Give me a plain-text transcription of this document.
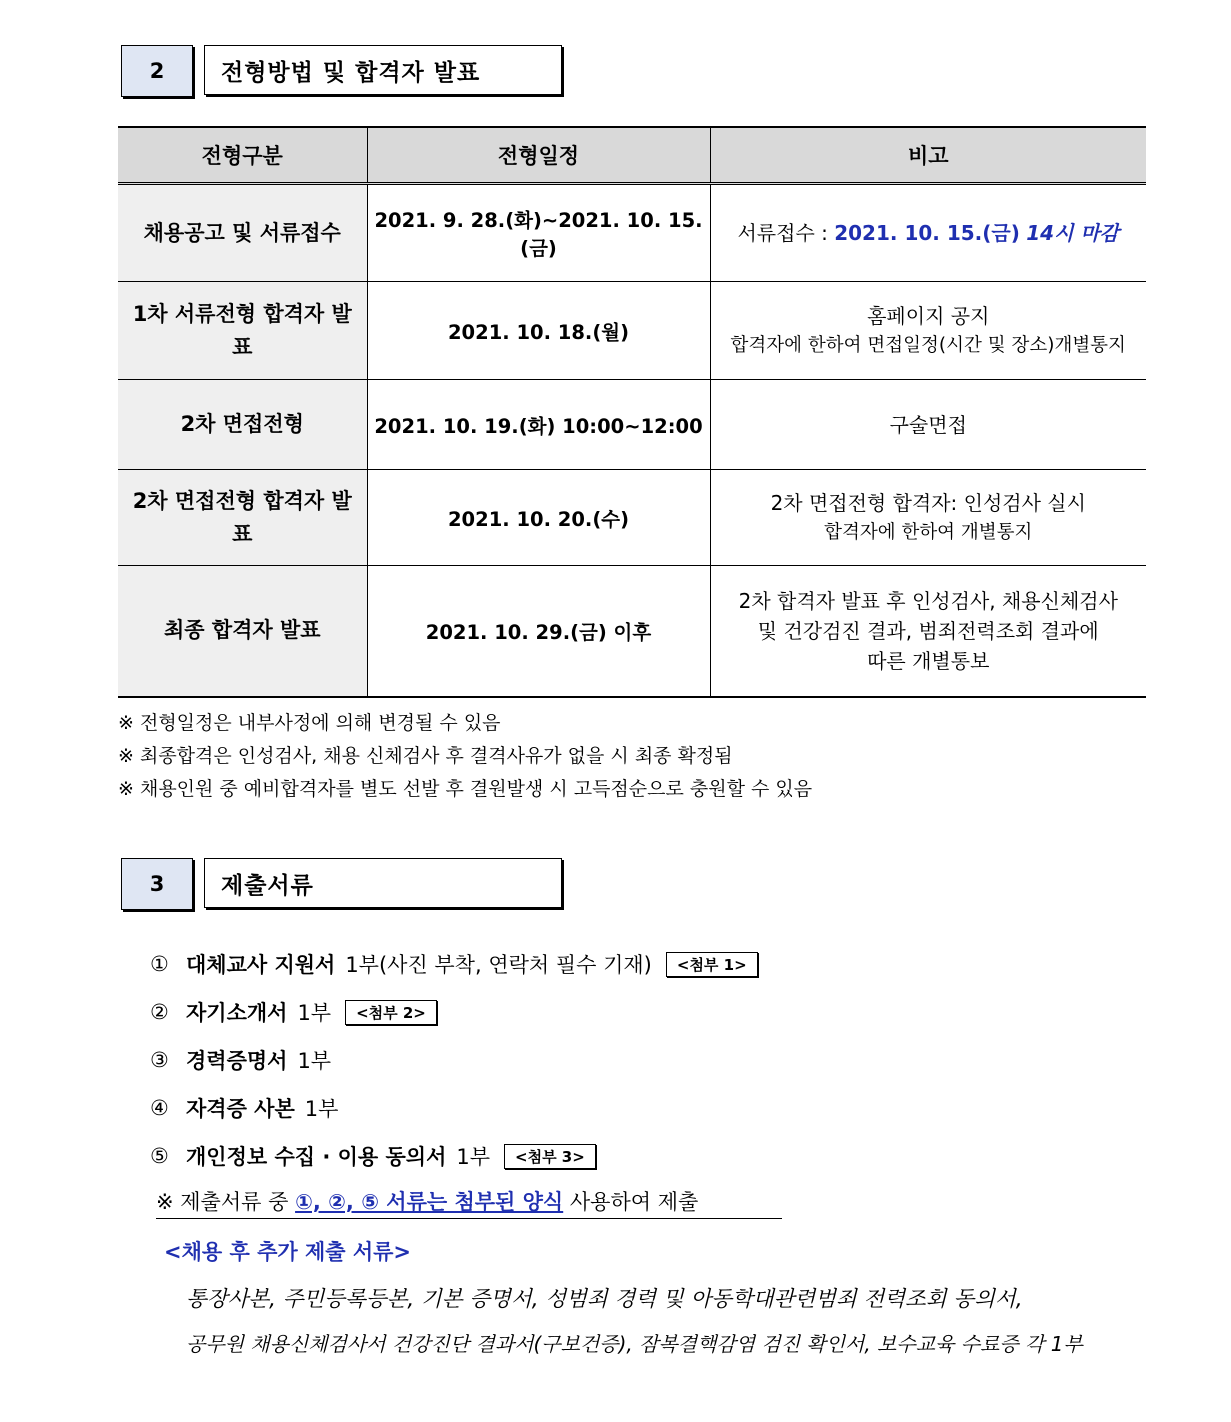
2	전형방법 및 합격자 발표
전형구분	전형일정	비고
채용공고 및 서류접수	2021. 9. 28.(화)~2021. 10. 15.(금)	서류접수 : 2021. 10. 15.(금) 14시 마감
1차 서류전형 합격자 발표	2021. 10. 18.(월)	홈페이지 공지
합격자에 한하여 면접일정(시간 및 장소)개별통지

2차 면접전형	2021. 10. 19.(화) 10:00~12:00	구술면접
2차 면접전형 합격자 발표	2021. 10. 20.(수)	2차 면접전형 합격자: 인성검사 실시
합격자에 한하여 개별통지

최종 합격자 발표	2021. 10. 29.(금) 이후	2차 합격자 발표 후 인성검사, 채용신체검사
및 건강검진 결과, 범죄전력조회 결과에
따른 개별통보
※ 전형일정은 내부사정에 의해 변경될 수 있음
※ 최종합격은 인성검사, 채용 신체검사 후 결격사유가 없을 시 최종 확정됨
※ 채용인원 중 예비합격자를 별도 선발 후 결원발생 시 고득점순으로 충원할 수 있음
3	제출서류
① 대체교사 지원서 1부(사진 부착, 연락처 필수 기재)	<첨부 1>
② 자기소개서 1부	<첨부 2>
③ 경력증명서 1부
④ 자격증 사본 1부
⑤ 개인정보 수집 · 이용 동의서 1부	<첨부 3>
※ 제출서류 중 ①, ②, ⑤ 서류는 첨부된 양식 사용하여 제출
<채용 후 추가 제출 서류>
통장사본, 주민등록등본, 기본 증명서, 성범죄 경력 및 아동학대관련범죄 전력조회 동의서,
공무원 채용신체검사서 건강진단 결과서(구보건증), 잠복결핵감염 검진 확인서, 보수교육 수료증 각 1부
